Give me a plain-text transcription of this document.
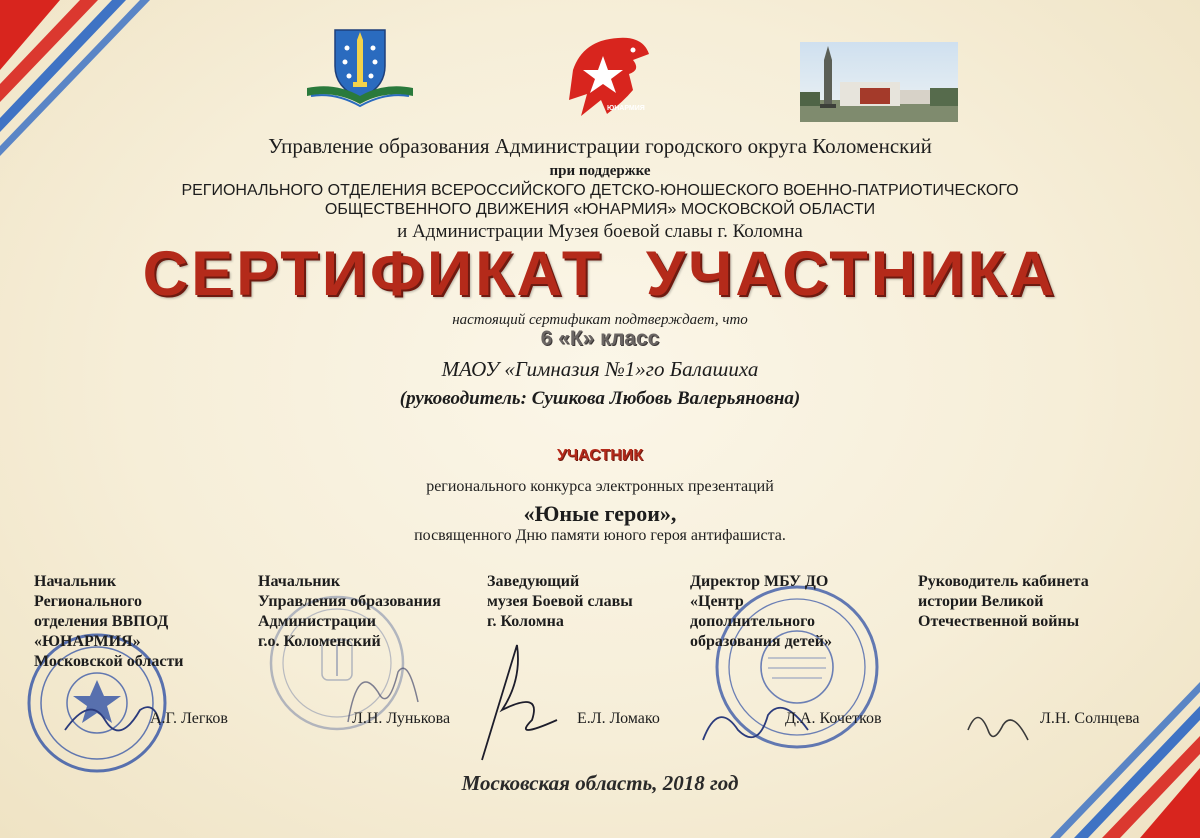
ЮНАРМИЯ
Управление образования Администрации городского округа Коломенский
при поддержке
РЕГИОНАЛЬНОГО ОТДЕЛЕНИЯ ВСЕРОССИЙСКОГО ДЕТСКО-ЮНОШЕСКОГО ВОЕННО-ПАТРИОТИЧЕСКОГО
ОБЩЕСТВЕННОГО ДВИЖЕНИЯ «ЮНАРМИЯ» МОСКОВСКОЙ ОБЛАСТИ
и Администрации Музея боевой славы г. Коломна
СЕРТИФИКАТ УЧАСТНИКА
настоящий сертификат подтверждает, что
6 «К» класс
МАОУ «Гимназия №1»го Балашиха
(руководитель: Сушкова Любовь Валерьяновна)
УЧАСТНИК
регионального конкурса электронных презентаций
«Юные герои»,
посвященного Дню памяти юного героя антифашиста.
Начальник
Регионального
отделения ВВПОД
«ЮНАРМИЯ»
Московской области
Начальник
Управления образования
Администрации
г.о. Коломенский
Заведующий
музея Боевой славы
г. Коломна
Директор МБУ ДО
«Центр
дополнительного
образования детей»
Руководитель кабинета
истории Великой
Отечественной войны
А.Г. Легков	Л.Н. Лунькова	Е.Л. Ломако	Д.А. Кочетков	Л.Н. Солнцева
Московская область, 2018 год
